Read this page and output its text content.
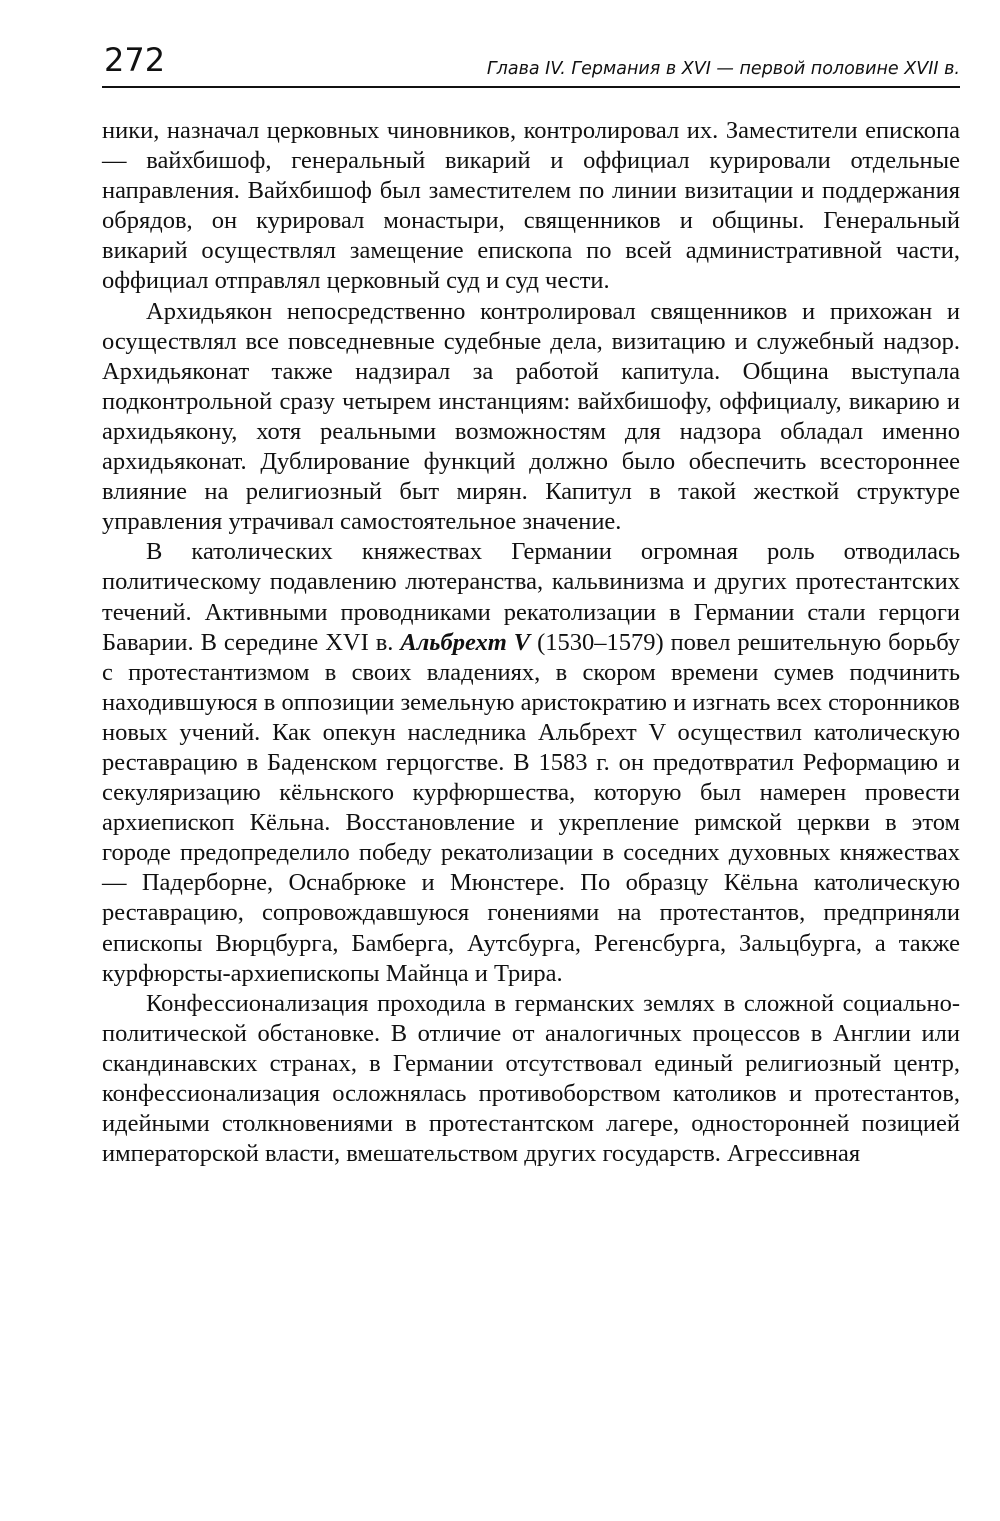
272	Глава IV. Германия в XVI — первой половине XVII в.

ники, назначал церковных чиновников, контролировал их. Заместители епископа — вайхбишоф, генеральный викарий и оффициал курировали отдельные направления. Вайхбишоф был заместителем по линии визитации и поддержания обрядов, он курировал монастыри, священников и общины. Генеральный викарий осуществлял замещение епископа по всей административной части, оффициал отправлял церковный суд и суд чести.

Архидьякон непосредственно контролировал священников и прихожан и осуществлял все повседневные судебные дела, визитацию и служебный надзор. Архидьяконат также надзирал за работой капитула. Община выступала подконтрольной сразу четырем инстанциям: вайхбишофу, оффициалу, викарию и архидьякону, хотя реальными возможностям для надзора обладал именно архидьяконат. Дублирование функций должно было обеспечить всестороннее влияние на религиозный быт мирян. Капитул в такой жесткой структуре управления утрачивал самостоятельное значение.

В католических княжествах Германии огромная роль отводилась политическому подавлению лютеранства, кальвинизма и других протестантских течений. Активными проводниками рекатолизации в Германии стали герцоги Баварии. В середине XVI в. Альбрехт V (1530–1579) повел решительную борьбу с протестантизмом в своих владениях, в скором времени сумев подчинить находившуюся в оппозиции земельную аристократию и изгнать всех сторонников новых учений. Как опекун наследника Альбрехт V осуществил католическую реставрацию в Баденском герцогстве. В 1583 г. он предотвратил Реформацию и секуляризацию кёльнского курфюршества, которую был намерен провести архиепископ Кёльна. Восстановление и укрепление римской церкви в этом городе предопределило победу рекатолизации в соседних духовных княжествах — Падерборне, Оснабрюке и Мюнстере. По образцу Кёльна католическую реставрацию, сопровождавшуюся гонениями на протестантов, предприняли епископы Вюрцбурга, Бамберга, Аутсбурга, Регенсбурга, Зальцбурга, а также курфюрсты-архиепископы Майнца и Трира.

Конфессионализация проходила в германских землях в сложной социально-политической обстановке. В отличие от аналогичных процессов в Англии или скандинавских странах, в Германии отсутствовал единый религиозный центр, конфессионализация осложнялась противоборством католиков и протестантов, идейными столкновениями в протестантском лагере, односторонней позицией императорской власти, вмешательством других государств. Агрессивная
